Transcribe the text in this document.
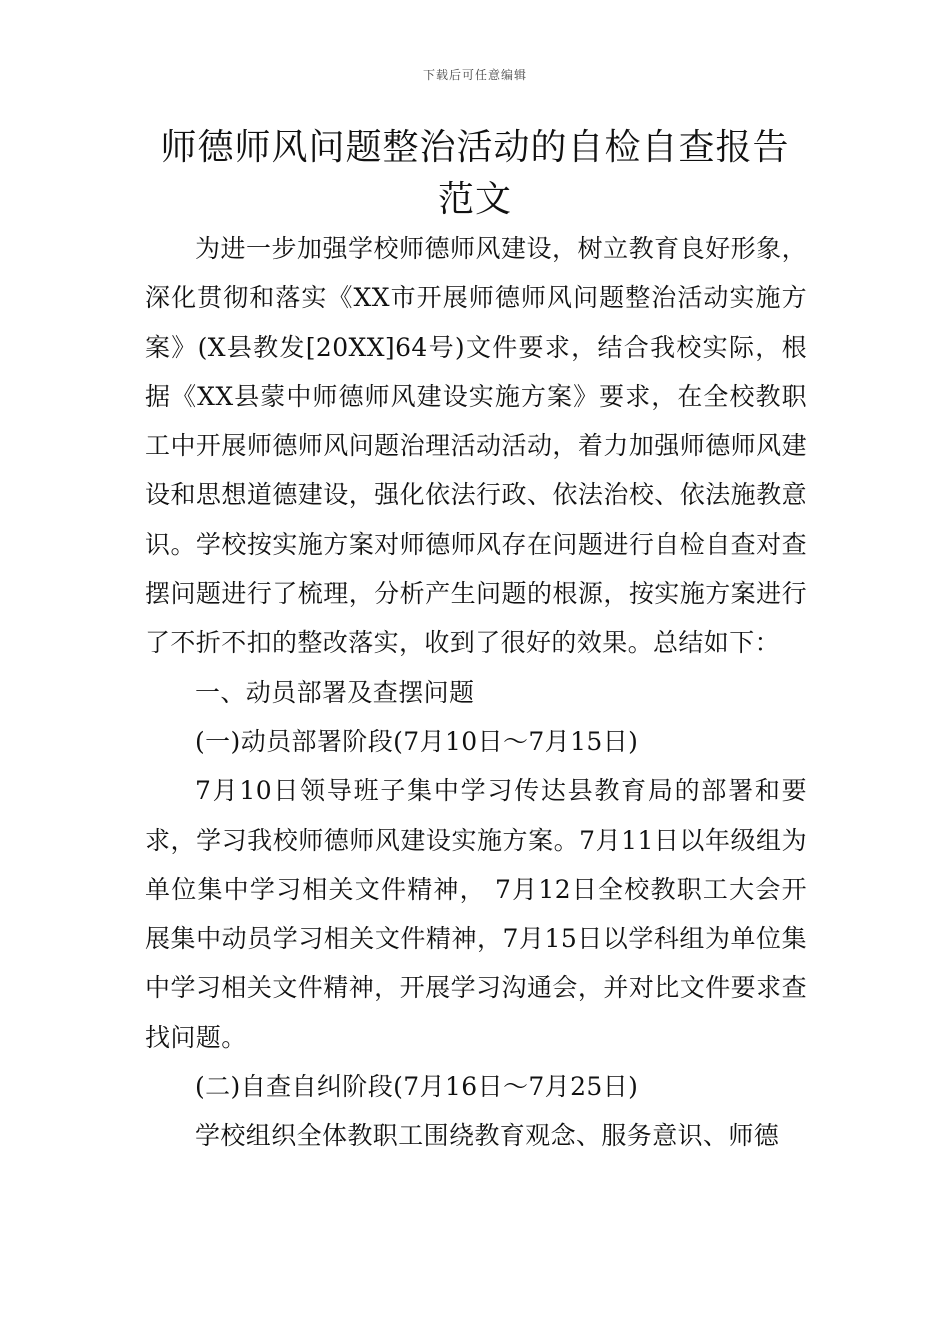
下载后可任意编辑
师德师风问题整治活动的自检自查报告范文

为进一步加强学校师德师风建设，树立教育良好形象，深化贯彻和落实《XX市开展师德师风问题整治活动实施方案》(X县教发[20XX]64号)文件要求，结合我校实际，根据《XX县蒙中师德师风建设实施方案》要求，在全校教职工中开展师德师风问题治理活动活动，着力加强师德师风建设和思想道德建设，强化依法行政、依法治校、依法施教意识。学校按实施方案对师德师风存在问题进行自检自查对查摆问题进行了梳理，分析产生问题的根源，按实施方案进行了不折不扣的整改落实，收到了很好的效果。总结如下：

一、动员部署及查摆问题

(一)动员部署阶段(7月10日～7月15日)

7月10日领导班子集中学习传达县教育局的部署和要求，学习我校师德师风建设实施方案。7月11日以年级组为单位集中学习相关文件精神， 7月12日全校教职工大会开展集中动员学习相关文件精神，7月15日以学科组为单位集中学习相关文件精神，开展学习沟通会，并对比文件要求查找问题。

(二)自查自纠阶段(7月16日～7月25日)

学校组织全体教职工围绕教育观念、服务意识、师德
